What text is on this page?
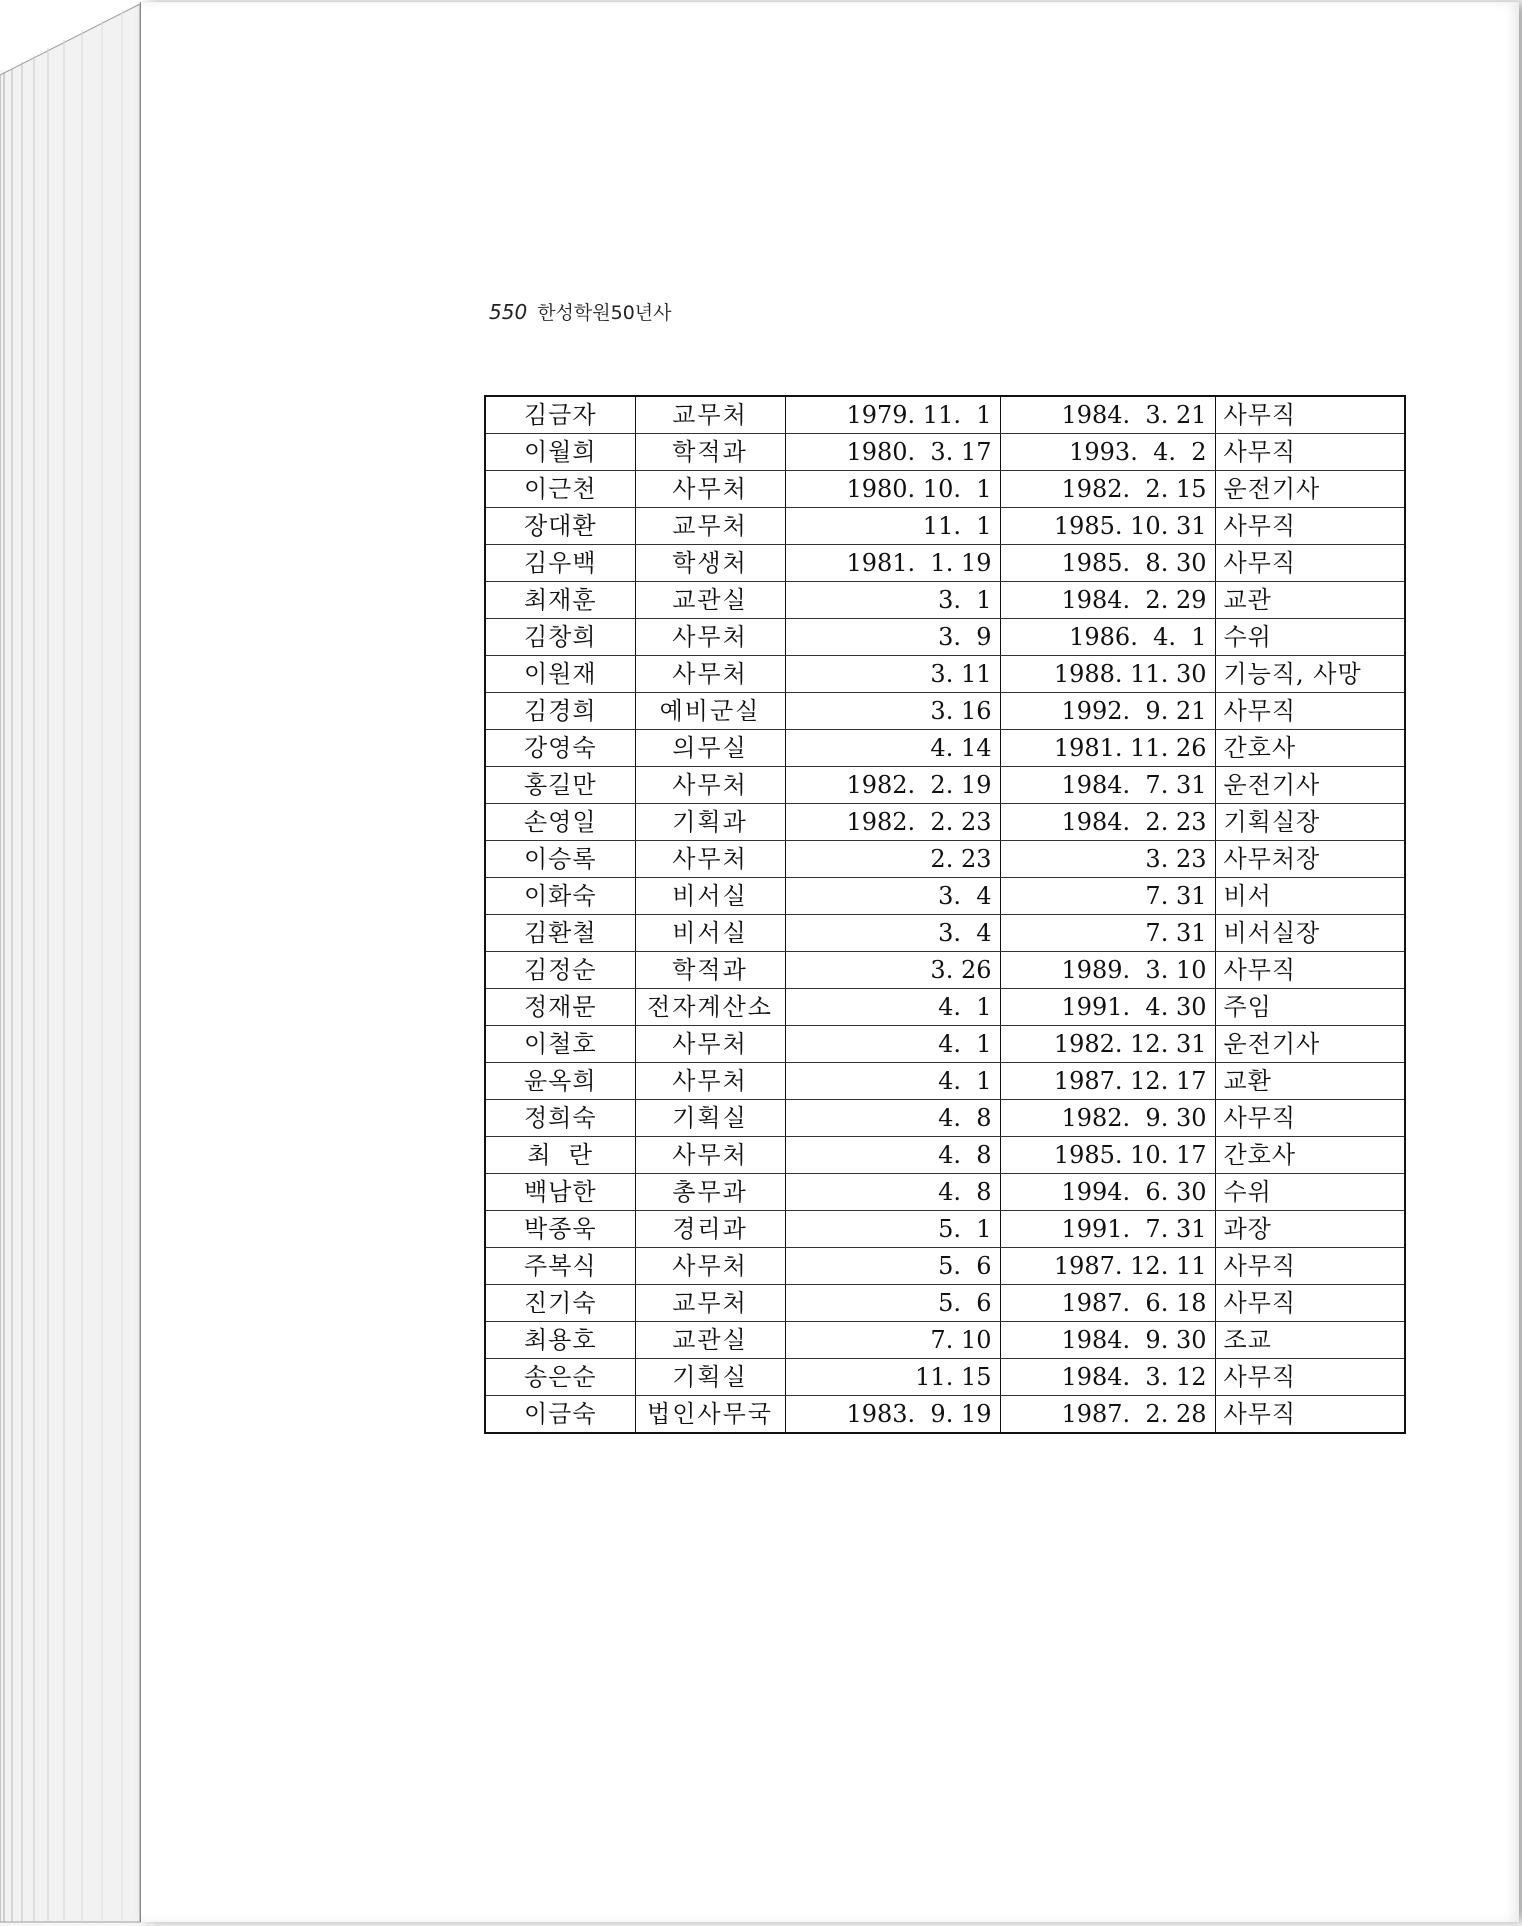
550 한성학원50년사
김금자	교무처	1979. 11.  1	1984.  3. 21	사무직
이월희	학적과	1980.  3. 17	1993.  4.  2	사무직
이근천	사무처	1980. 10.  1	1982.  2. 15	운전기사
장대환	교무처	11.  1	1985. 10. 31	사무직
김우백	학생처	1981.  1. 19	1985.  8. 30	사무직
최재훈	교관실	3.  1	1984.  2. 29	교관
김창희	사무처	3.  9	1986.  4.  1	수위
이원재	사무처	3. 11	1988. 11. 30	기능직, 사망
김경희	예비군실	3. 16	1992.  9. 21	사무직
강영숙	의무실	4. 14	1981. 11. 26	간호사
홍길만	사무처	1982.  2. 19	1984.  7. 31	운전기사
손영일	기획과	1982.  2. 23	1984.  2. 23	기획실장
이승록	사무처	2. 23	3. 23	사무처장
이화숙	비서실	3.  4	7. 31	비서
김환철	비서실	3.  4	7. 31	비서실장
김정순	학적과	3. 26	1989.  3. 10	사무직
정재문	전자계산소	4.  1	1991.  4. 30	주임
이철호	사무처	4.  1	1982. 12. 31	운전기사
윤옥희	사무처	4.  1	1987. 12. 17	교환
정희숙	기획실	4.  8	1982.  9. 30	사무직
최  란	사무처	4.  8	1985. 10. 17	간호사
백남한	총무과	4.  8	1994.  6. 30	수위
박종욱	경리과	5.  1	1991.  7. 31	과장
주복식	사무처	5.  6	1987. 12. 11	사무직
진기숙	교무처	5.  6	1987.  6. 18	사무직
최용호	교관실	7. 10	1984.  9. 30	조교
송은순	기획실	11. 15	1984.  3. 12	사무직
이금숙	법인사무국	1983.  9. 19	1987.  2. 28	사무직
